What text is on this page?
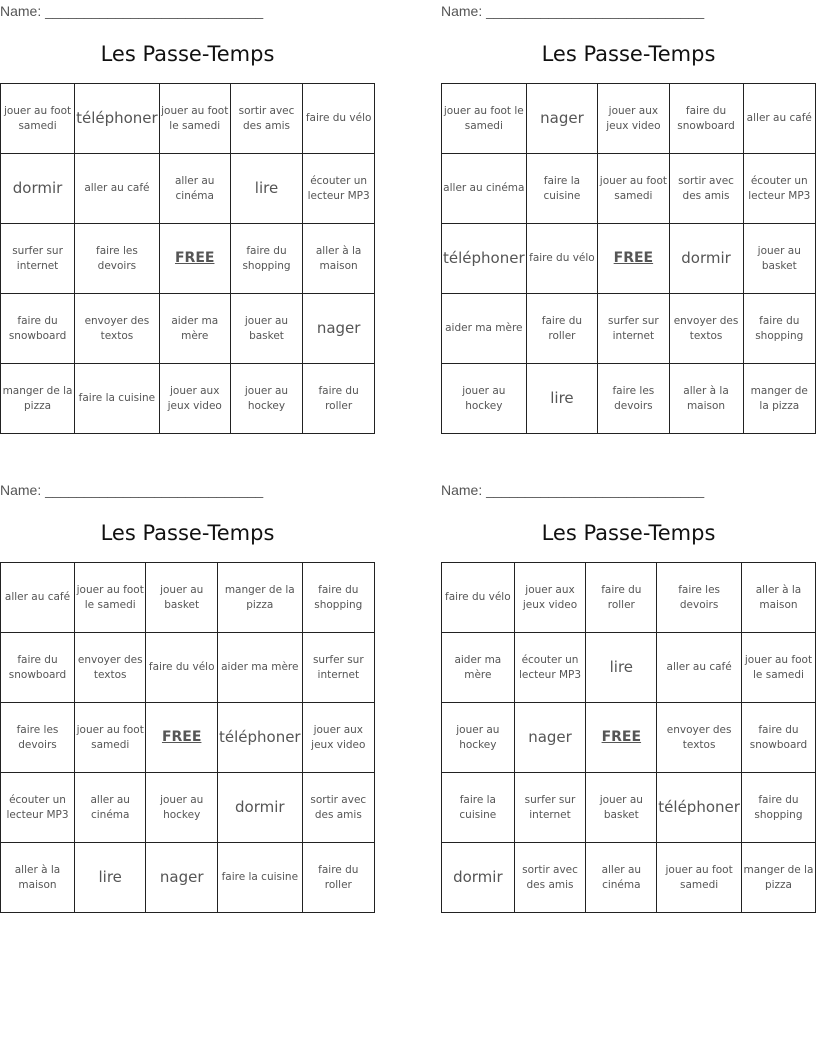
Name: ____________________________
Les Passe-Temps
jouer au foot samedi	téléphoner	jouer au foot le samedi	sortir avec des amis	faire du vélo
dormir	aller au café	aller au cinéma	lire	écouter un lecteur MP3
surfer sur internet	faire les devoirs	FREE	faire du shopping	aller à la maison
faire du snowboard	envoyer des textos	aider ma mère	jouer au basket	nager
manger de la pizza	faire la cuisine	jouer aux jeux video	jouer au hockey	faire du roller
Name: ____________________________
Les Passe-Temps
jouer au foot le samedi	nager	jouer aux jeux video	faire du snowboard	aller au café
aller au cinéma	faire la cuisine	jouer au foot samedi	sortir avec des amis	écouter un lecteur MP3
téléphoner	faire du vélo	FREE	dormir	jouer au basket
aider ma mère	faire du roller	surfer sur internet	envoyer des textos	faire du shopping
jouer au hockey	lire	faire les devoirs	aller à la maison	manger de la pizza
Name: ____________________________
Les Passe-Temps
aller au café	jouer au foot le samedi	jouer au basket	manger de la pizza	faire du shopping
faire du snowboard	envoyer des textos	faire du vélo	aider ma mère	surfer sur internet
faire les devoirs	jouer au foot samedi	FREE	téléphoner	jouer aux jeux video
écouter un lecteur MP3	aller au cinéma	jouer au hockey	dormir	sortir avec des amis
aller à la maison	lire	nager	faire la cuisine	faire du roller
Name: ____________________________
Les Passe-Temps
faire du vélo	jouer aux jeux video	faire du roller	faire les devoirs	aller à la maison
aider ma mère	écouter un lecteur MP3	lire	aller au café	jouer au foot le samedi
jouer au hockey	nager	FREE	envoyer des textos	faire du snowboard
faire la cuisine	surfer sur internet	jouer au basket	téléphoner	faire du shopping
dormir	sortir avec des amis	aller au cinéma	jouer au foot samedi	manger de la pizza
